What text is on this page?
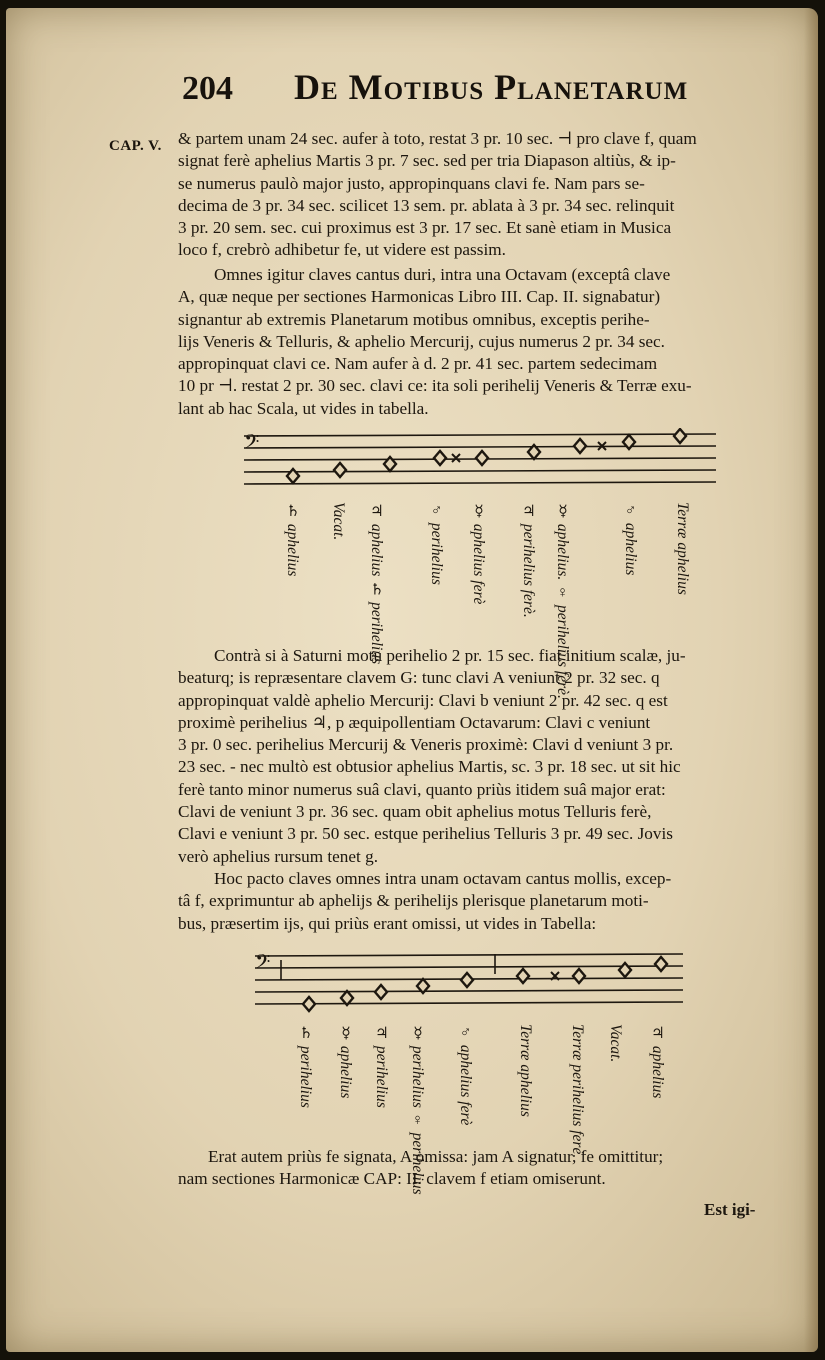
204 De Motibus Planetarum
CAP. V. & partem unam 24 sec. aufer à toto, restat 3 pr. 10 sec. ⊣ pro clave f, quam
signat ferè aphelius Martis 3 pr. 7 sec. sed per tria Diapason altiùs, & ip-
se numerus paulò major justo, appropinquans clavi fe. Nam pars se-
decima de 3 pr. 34 sec. scilicet 13 sem. pr. ablata à 3 pr. 34 sec. relinquit
3 pr. 20 sem. sec. cui proximus est 3 pr. 17 sec. Et sanè etiam in Musica
loco f, crebrò adhibetur fe, ut videre est passim.
Omnes igitur claves cantus duri, intra una Octavam (exceptâ clave
A, quæ neque per sectiones Harmonicas Libro III. Cap. II. signabatur)
signantur ab extremis Planetarum motibus omnibus, exceptis perihe-
lijs Veneris & Telluris, & aphelio Mercurij, cujus numerus 2 pr. 34 sec.
appropinquat clavi ce. Nam aufer à d. 2 pr. 41 sec. partem sedecimam
10 pr ⊣. restat 2 pr. 30 sec. clavi ce: ita soli perihelij Veneris & Terræ exu-
lant ab hac Scala, ut vides in tabella.
𝄢
♄ aphelius Vacat. ♃ aphelius ♄ perihelius	♂ perihelius ☿ aphelius ferè ♃ perihelius ferè. ☿ aphelius. ♀ perihelius ferè.	♂ aphelius Terræ aphelius
Contrà si à Saturni motu perihelio 2 pr. 15 sec. fiat initium scalæ, ju-
beaturq; is repræsentare clavem G: tunc clavi A veniunt 2 pr. 32 sec. q
appropinquat valdè aphelio Mercurij: Clavi b veniunt 2 pr. 42 sec. q est
proximè perihelius ♃, p æquipollentiam Octavarum: Clavi c veniunt
3 pr. 0 sec. perihelius Mercurij & Veneris proximè: Clavi d veniunt 3 pr.
23 sec. - nec multò est obtusior aphelius Martis, sc. 3 pr. 18 sec. ut sit hic
ferè tanto minor numerus suâ clavi, quanto priùs itidem suâ major erat:
Clavi de veniunt 3 pr. 36 sec. quam obit aphelius motus Telluris ferè,
Clavi e veniunt 3 pr. 50 sec. estque perihelius Telluris 3 pr. 49 sec. Jovis
verò aphelius rursum tenet g.
Hoc pacto claves omnes intra unam octavam cantus mollis, excep-
tâ f, exprimuntur ab aphelijs & perihelijs plerisque planetarum moti-
bus, præsertim ijs, qui priùs erant omissi, ut vides in Tabella:
𝄢
♄ perihelius ☿ aphelius ♃ perihelius ☿ perihelius ♀ perihelius ♂ aphelius ferè	Terræ aphelius Terræ perihelius ferè. Vacat. ♃ aphelius
Erat autem priùs fe signata, A omissa: jam A signatur, fe omittitur;
nam sectiones Harmonicæ CAP: II. clavem f etiam omiserunt.
Est igi-
